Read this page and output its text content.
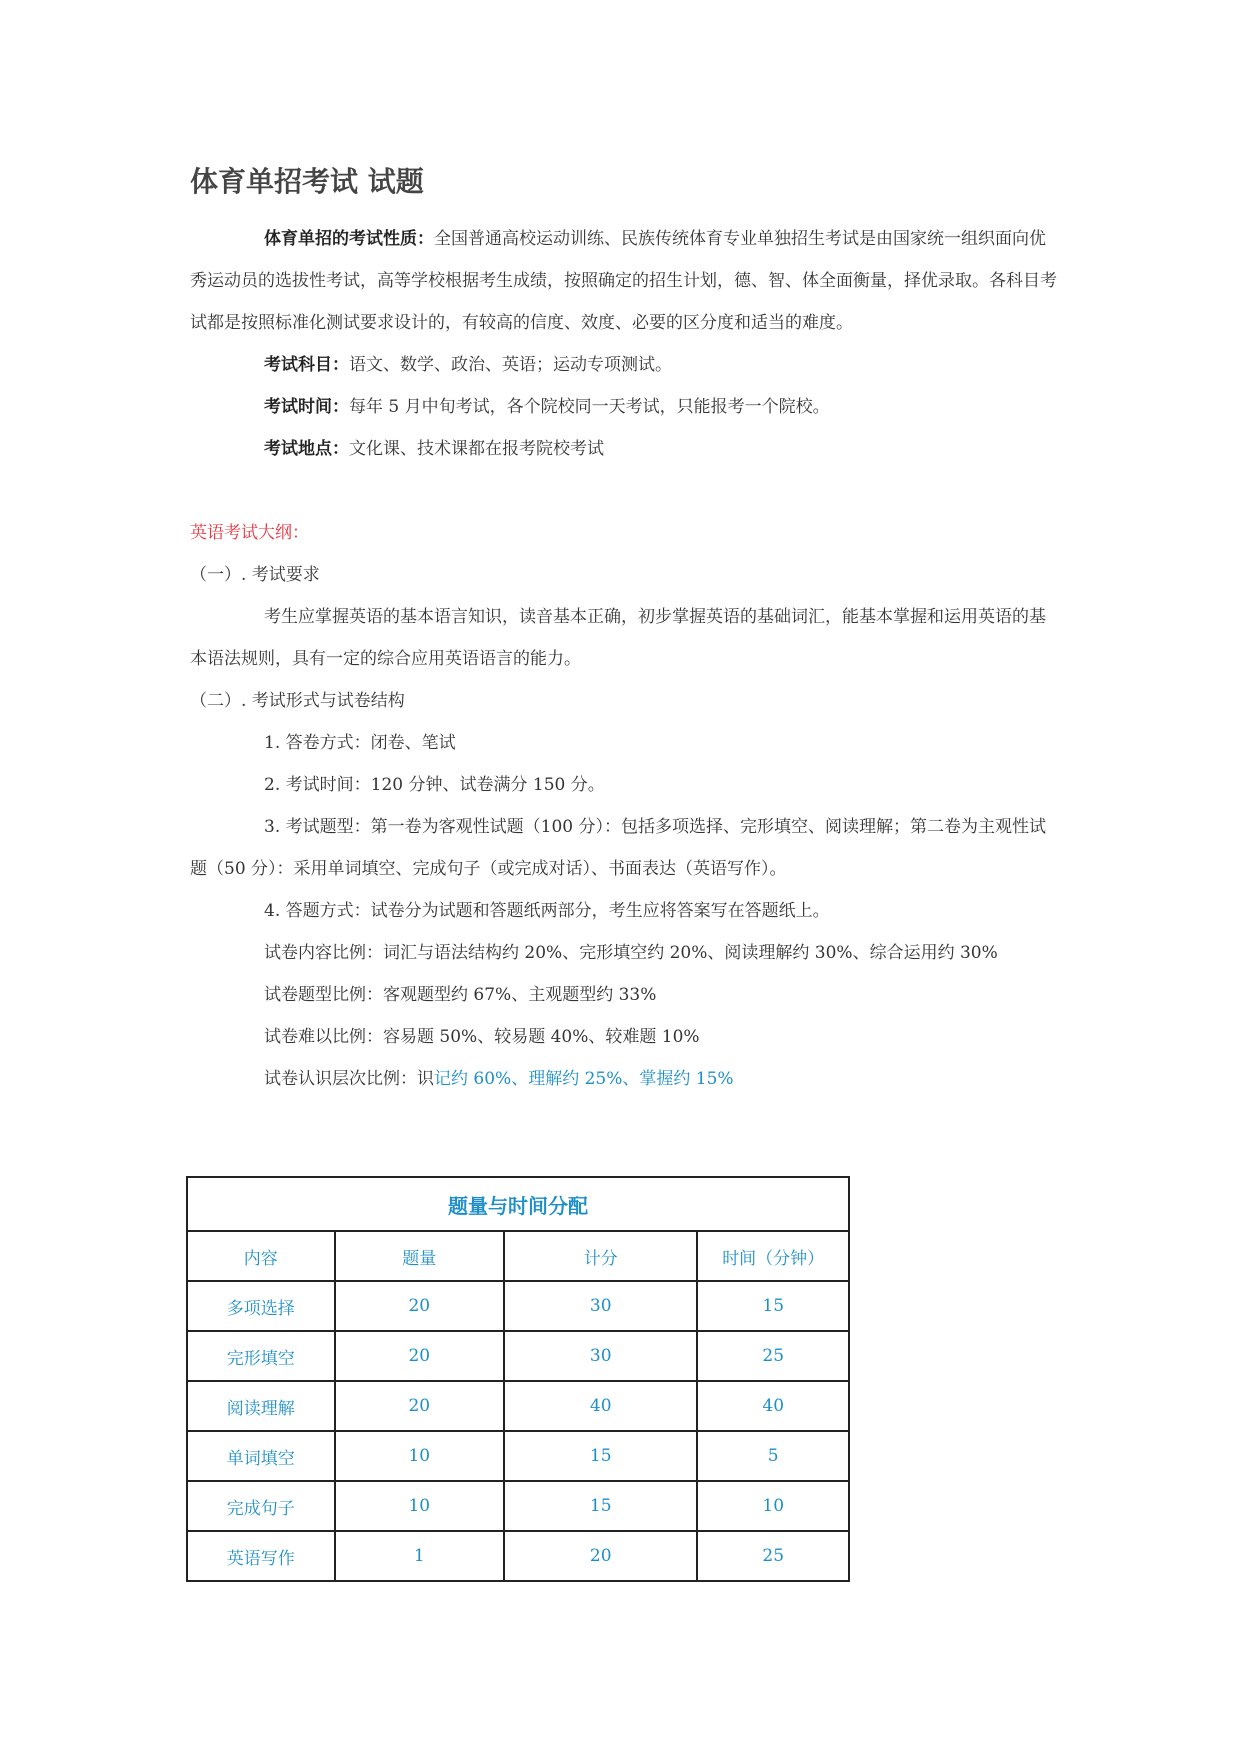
体育单招考试 试题

体育单招的考试性质：全国普通高校运动训练、民族传统体育专业单独招生考试是由国家统一组织面向优秀运动员的选拔性考试，高等学校根据考生成绩，按照确定的招生计划，德、智、体全面衡量，择优录取。各科目考试都是按照标准化测试要求设计的，有较高的信度、效度、必要的区分度和适当的难度。

考试科目：语文、数学、政治、英语；运动专项测试。

考试时间：每年 5 月中旬考试，各个院校同一天考试，只能报考一个院校。

考试地点：文化课、技术课都在报考院校考试

英语考试大纲：

（一）. 考试要求

考生应掌握英语的基本语言知识，读音基本正确，初步掌握英语的基础词汇，能基本掌握和运用英语的基本语法规则，具有一定的综合应用英语语言的能力。

（二）. 考试形式与试卷结构

1. 答卷方式：闭卷、笔试

2. 考试时间：120 分钟、试卷满分 150 分。

3. 考试题型：第一卷为客观性试题（100 分）：包括多项选择、完形填空、阅读理解；第二卷为主观性试题（50 分）：采用单词填空、完成句子（或完成对话）、书面表达（英语写作）。

4. 答题方式：试卷分为试题和答题纸两部分，考生应将答案写在答题纸上。

试卷内容比例：词汇与语法结构约 20%、完形填空约 20%、阅读理解约 30%、综合运用约 30%

试卷题型比例：客观题型约 67%、主观题型约 33%

试卷难以比例：容易题 50%、较易题 40%、较难题 10%

试卷认识层次比例：识记约 60%、理解约 25%、掌握约 15%

题量与时间分配			
内容	题量	计分	时间（分钟）
多项选择	20	30	15
完形填空	20	30	25
阅读理解	20	40	40
单词填空	10	15	5
完成句子	10	15	10
英语写作	1	20	25
